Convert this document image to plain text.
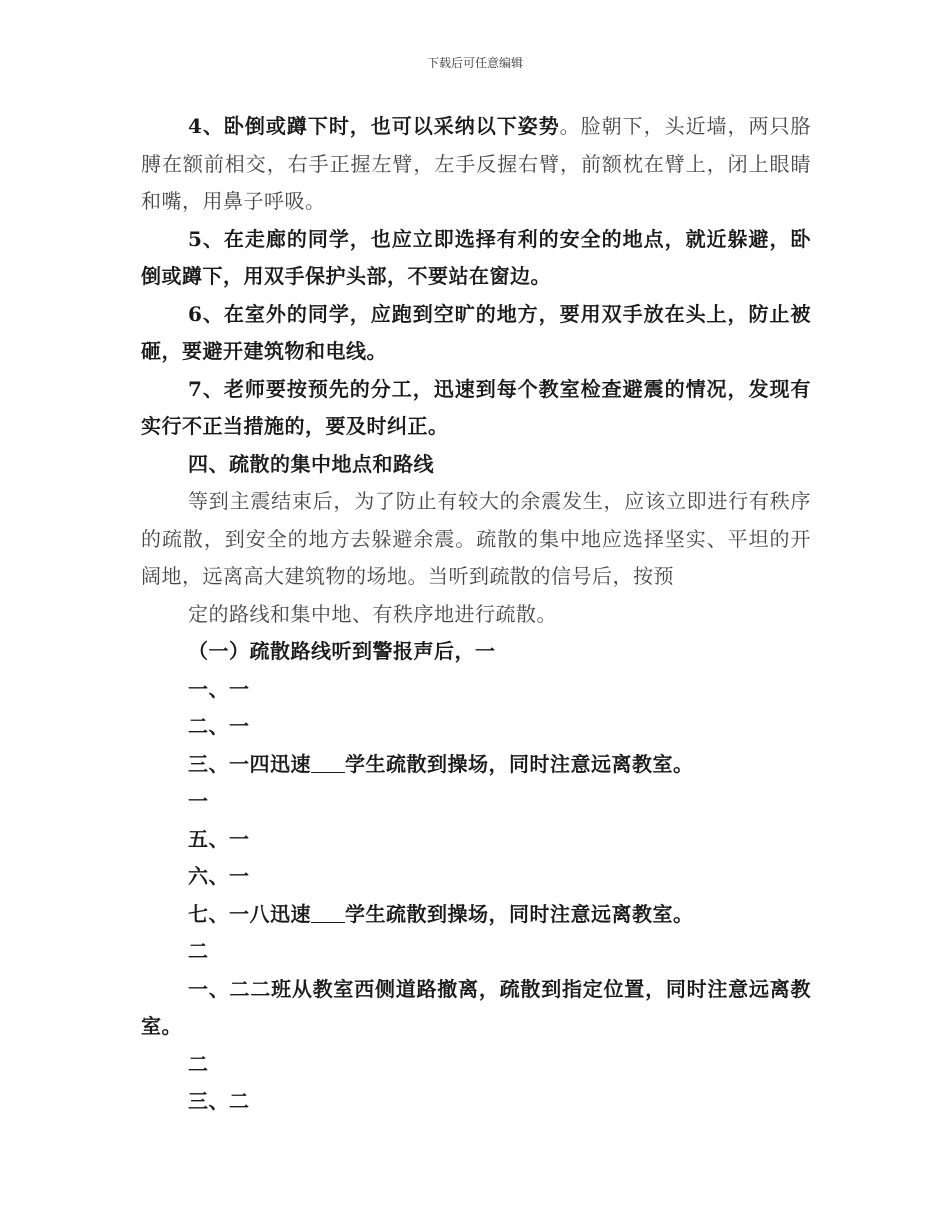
下载后可任意编辑

4、卧倒或蹲下时，也可以采纳以下姿势。脸朝下，头近墙，两只胳膊在额前相交，右手正握左臂，左手反握右臂，前额枕在臂上，闭上眼睛和嘴，用鼻子呼吸。

5、在走廊的同学，也应立即选择有利的安全的地点，就近躲避，卧倒或蹲下，用双手保护头部，不要站在窗边。

6、在室外的同学，应跑到空旷的地方，要用双手放在头上，防止被砸，要避开建筑物和电线。

7、老师要按预先的分工，迅速到每个教室检查避震的情况，发现有实行不正当措施的，要及时纠正。

四、疏散的集中地点和路线

等到主震结束后，为了防止有较大的余震发生，应该立即进行有秩序的疏散，到安全的地方去躲避余震。疏散的集中地应选择坚实、平坦的开阔地，远离高大建筑物的场地。当听到疏散的信号后，按预

定的路线和集中地、有秩序地进行疏散。

（一）疏散路线听到警报声后，一

一、一

二、一

三、一四迅速 学生疏散到操场，同时注意远离教室。

一

五、一

六、一

七、一八迅速 学生疏散到操场，同时注意远离教室。

二

一、二二班从教室西侧道路撤离，疏散到指定位置，同时注意远离教室。

二

三、二
